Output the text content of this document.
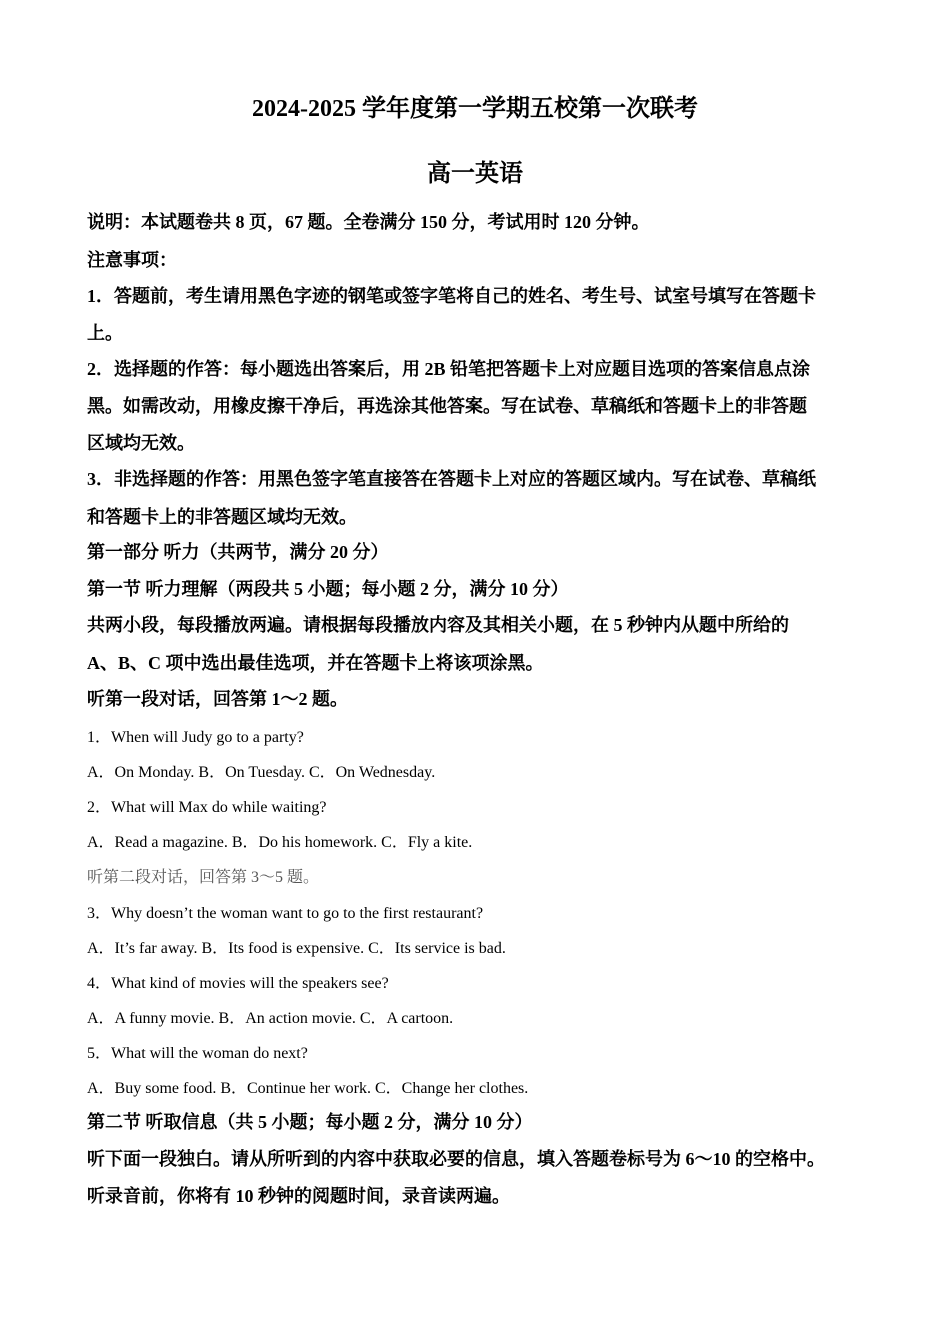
2024-2025 学年度第一学期五校第一次联考
高一英语
说明：本试题卷共 8 页，67 题。全卷满分 150 分，考试用时 120 分钟。
注意事项：
1．答题前，考生请用黑色字迹的钢笔或签字笔将自己的姓名、考生号、试室号填写在答题卡
上。
2．选择题的作答：每小题选出答案后，用 2B 铅笔把答题卡上对应题目选项的答案信息点涂
黑。如需改动，用橡皮擦干净后，再选涂其他答案。写在试卷、草稿纸和答题卡上的非答题
区域均无效。
3．非选择题的作答：用黑色签字笔直接答在答题卡上对应的答题区域内。写在试卷、草稿纸
和答题卡上的非答题区域均无效。
第一部分 听力（共两节，满分 20 分）
第一节 听力理解（两段共 5 小题；每小题 2 分，满分 10 分）
共两小段，每段播放两遍。请根据每段播放内容及其相关小题，在 5 秒钟内从题中所给的
A、B、C 项中选出最佳选项，并在答题卡上将该项涂黑。
听第一段对话，回答第 1～2 题。
1．When will Judy go to a party?
A．On Monday. B．On Tuesday. C．On Wednesday.
2．What will Max do while waiting?
A．Read a magazine. B．Do his homework. C．Fly a kite.
听第二段对话，回答第 3～5 题。
3．Why doesn’t the woman want to go to the first restaurant?
A．It’s far away. B．Its food is expensive. C．Its service is bad.
4．What kind of movies will the speakers see?
A．A funny movie. B．An action movie. C．A cartoon.
5．What will the woman do next?
A．Buy some food. B．Continue her work. C．Change her clothes.
第二节 听取信息（共 5 小题；每小题 2 分，满分 10 分）
听下面一段独白。请从所听到的内容中获取必要的信息，填入答题卷标号为 6～10 的空格中。
听录音前，你将有 10 秒钟的阅题时间，录音读两遍。
